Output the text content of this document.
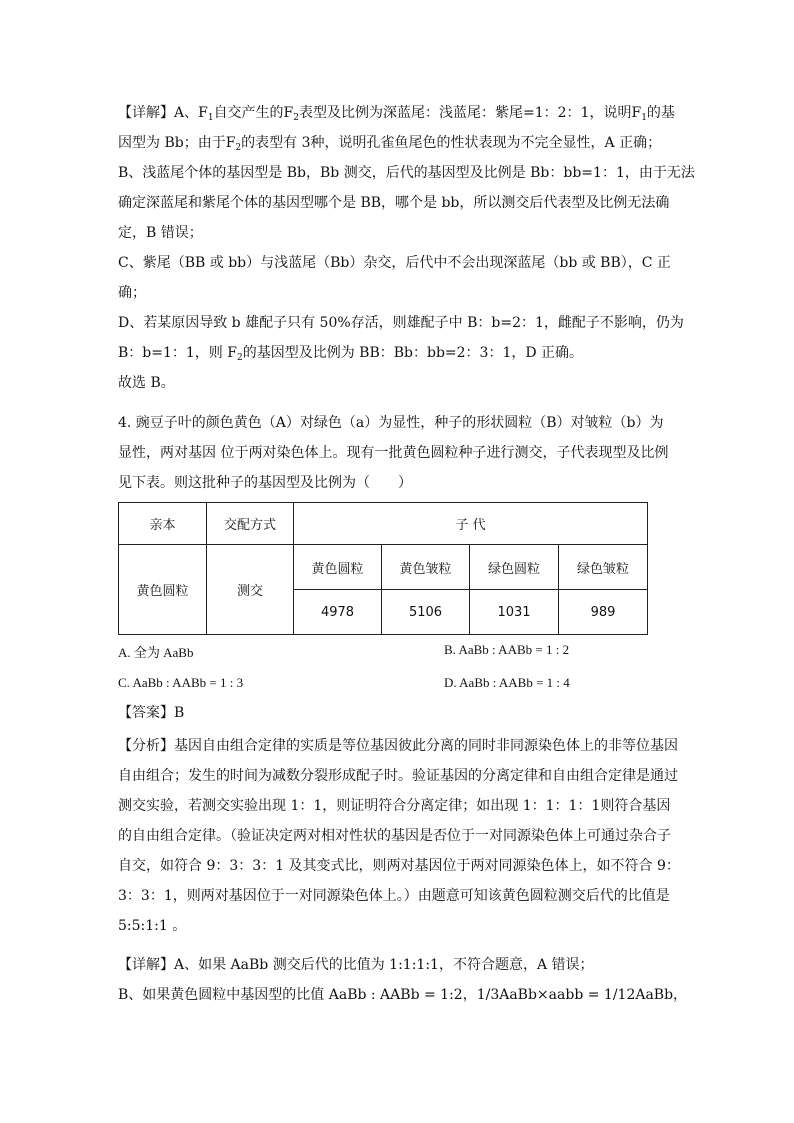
【详解】A、$F_1$自交产生的$F_2$表型及比例为深蓝尾：浅蓝尾：紫尾=1：2：1，说明$F_1$的基
因型为 Bb；由于$F_2$的表型有 3种，说明孔雀鱼尾色的性状表现为不完全显性，A 正确；
B、浅蓝尾个体的基因型是 Bb，Bb 测交，后代的基因型及比例是 Bb：bb=1：1，由于无法
确定深蓝尾和紫尾个体的基因型哪个是 BB，哪个是 bb，所以测交后代表型及比例无法确
定，B 错误；
C、紫尾（BB 或 bb）与浅蓝尾（Bb）杂交，后代中不会出现深蓝尾（bb 或 BB），C 正
确；
D、若某原因导致 b 雄配子只有 50%存活，则雄配子中 B：b=2：1，雌配子不影响，仍为
B：b=1：1，则 $F_2$的基因型及比例为 BB：Bb：bb=2：3：1，D 正确。
故选 B。
4. 豌豆子叶的颜色黄色（A）对绿色（a）为显性，种子的形状圆粒（B）对皱粒（b）为
显性，两对基因 位于两对染色体上。现有一批黄色圆粒种子进行测交，子代表现型及比例
见下表。则这批种子的基因型及比例为（　　）
亲本	交配方式	子 代			
黄色圆粒	测交	黄色圆粒	黄色皱粒	绿色圆粒	绿色皱粒
		4978	5106	1031	989
A. 全为 AaBb	B. AaBb : AABb = 1 : 2
C. AaBb : AABb = 1 : 3	D. AaBb : AABb = 1 : 4
【答案】B
【分析】基因自由组合定律的实质是等位基因彼此分离的同时非同源染色体上的非等位基因
自由组合；发生的时间为减数分裂形成配子时。验证基因的分离定律和自由组合定律是通过
测交实验，若测交实验出现 1：1，则证明符合分离定律；如出现 1：1：1：1则符合基因
的自由组合定律。（验证决定两对相对性状的基因是否位于一对同源染色体上可通过杂合子
自交，如符合 9：3：3：1 及其变式比，则两对基因位于两对同源染色体上，如不符合 9：
3：3：1，则两对基因位于一对同源染色体上。）由题意可知该黄色圆粒测交后代的比值是
5:5:1:1 。
【详解】A、如果 AaBb 测交后代的比值为 1:1:1:1，不符合题意，A 错误；
B、如果黄色圆粒中基因型的比值 AaBb : AABb = 1:2，1/3AaBb×aabb = 1/12AaBb，
